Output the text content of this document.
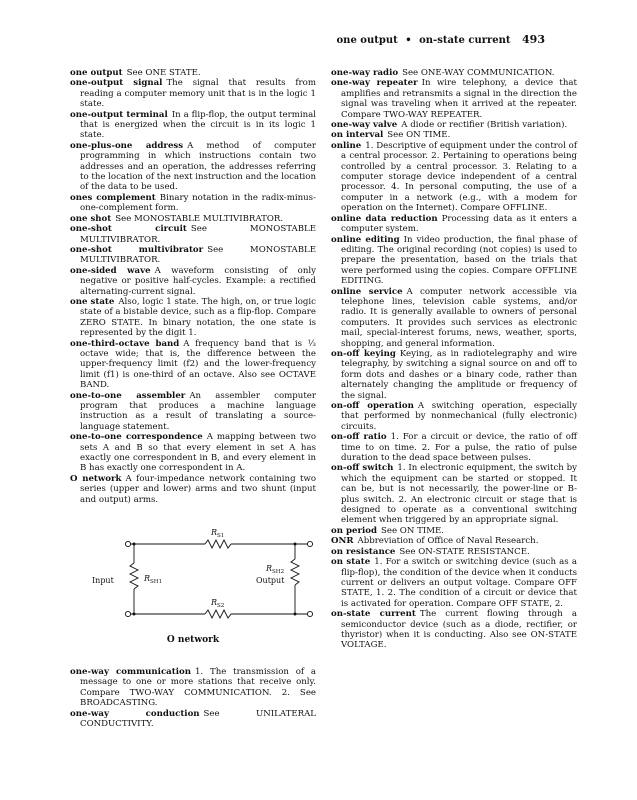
one output • on-state current 493

one output See ONE STATE.

one-output signal The signal that results from reading a computer memory unit that is in the logic 1 state.

one-output terminal In a flip-flop, the output terminal that is energized when the circuit is in its logic 1 state.

one-plus-one address A method of computer programming in which instructions contain two addresses and an operation, the addresses referring to the location of the next instruction and the location of the data to be used.

ones complement Binary notation in the radix-minus-one-complement form.

one shot See MONOSTABLE MULTIVIBRATOR.

one-shot circuit See MONOSTABLE MULTIVIBRATOR.

one-shot multivibrator See MONOSTABLE MULTIVIBRATOR.

one-sided wave A waveform consisting of only negative or positive half-cycles. Example: a rectified alternating-current signal.

one state Also, logic 1 state. The high, on, or true logic state of a bistable device, such as a flip-flop. Compare ZERO STATE. In binary notation, the one state is represented by the digit 1.

one-third-octave band A frequency band that is ⅓ octave wide; that is, the difference between the upper-frequency limit (f2) and the lower-frequency limit (f1) is one-third of an octave. Also see OCTAVE BAND.

one-to-one assembler An assembler computer program that produces a machine language instruction as a result of translating a source-language statement.

one-to-one correspondence A mapping between two sets A and B so that every element in set A has exactly one correspondent in B, and every element in B has exactly one correspondent in A.

O network A four-impedance network containing two series (upper and lower) arms and two shunt (input and output) arms.

Input	Output
R S1
R S2
R SH1
R SH2
O network

one-way communication 1. The transmission of a message to one or more stations that receive only. Compare TWO-WAY COMMUNICATION. 2. See BROADCASTING.

one-way conduction See UNILATERAL CONDUCTIVITY.

one-way radio See ONE-WAY COMMUNICATION.

one-way repeater In wire telephony, a device that amplifies and retransmits a signal in the direction the signal was traveling when it arrived at the repeater. Compare TWO-WAY REPEATER.

one-way valve A diode or rectifier (British variation).

on interval See ON TIME.

online 1. Descriptive of equipment under the control of a central processor. 2. Pertaining to operations being controlled by a central processor. 3. Relating to a computer storage device independent of a central processor. 4. In personal computing, the use of a computer in a network (e.g., with a modem for operation on the Internet). Compare OFFLINE.

online data reduction Processing data as it enters a computer system.

online editing In video production, the final phase of editing. The original recording (not copies) is used to prepare the presentation, based on the trials that were performed using the copies. Compare OFFLINE EDITING.

online service A computer network accessible via telephone lines, television cable systems, and/or radio. It is generally available to owners of personal computers. It provides such services as electronic mail, special-interest forums, news, weather, sports, shopping, and general information.

on-off keying Keying, as in radiotelegraphy and wire telegraphy, by switching a signal source on and off to form dots and dashes or a binary code, rather than alternately changing the amplitude or frequency of the signal.

on-off operation A switching operation, especially that performed by nonmechanical (fully electronic) circuits.

on-off ratio 1. For a circuit or device, the ratio of off time to on time. 2. For a pulse, the ratio of pulse duration to the dead space between pulses.

on-off switch 1. In electronic equipment, the switch by which the equipment can be started or stopped. It can be, but is not necessarily, the power-line or B-plus switch. 2. An electronic circuit or stage that is designed to operate as a conventional switching element when triggered by an appropriate signal.

on period See ON TIME.

ONR Abbreviation of Office of Naval Research.

on resistance See ON-STATE RESISTANCE.

on state 1. For a switch or switching device (such as a flip-flop), the condition of the device when it conducts current or delivers an output voltage. Compare OFF STATE, 1. 2. The condition of a circuit or device that is activated for operation. Compare OFF STATE, 2.

on-state current The current flowing through a semiconductor device (such as a diode, rectifier, or thyristor) when it is conducting. Also see ON-STATE VOLTAGE.
